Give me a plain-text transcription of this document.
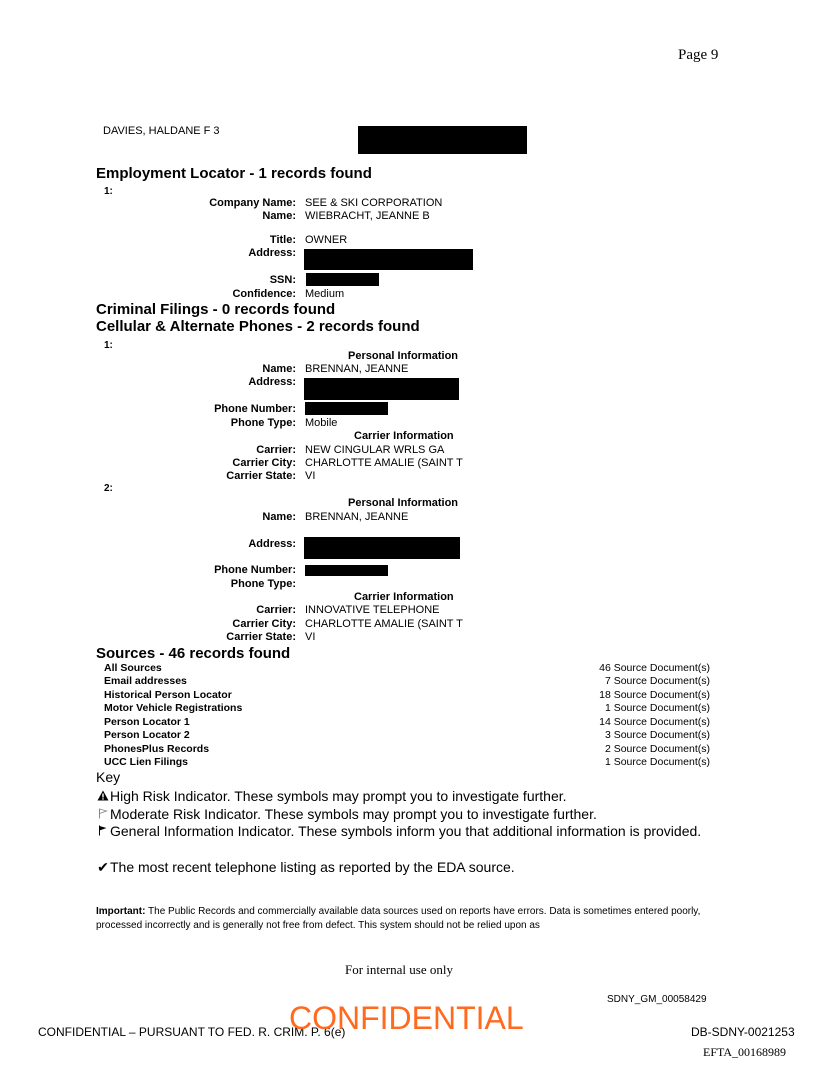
Page 9
DAVIES, HALDANE F 3
Employment Locator - 1 records found
1:
Company Name: SEE & SKI CORPORATION
Name: WIEBRACHT, JEANNE B
Title: OWNER
Address:
SSN:
Confidence: Medium
Criminal Filings - 0 records found
Cellular & Alternate Phones - 2 records found
1:
Personal Information
Name: BRENNAN, JEANNE
Address:
Phone Number:
Phone Type: Mobile
Carrier Information
Carrier: NEW CINGULAR WRLS GA
Carrier City: CHARLOTTE AMALIE (SAINT T
Carrier State: VI
2:
Personal Information
Name: BRENNAN, JEANNE
Address:
Phone Number:
Phone Type:
Carrier Information
Carrier: INNOVATIVE TELEPHONE
Carrier City: CHARLOTTE AMALIE (SAINT T
Carrier State: VI
Sources - 46 records found
All Sources	46 Source Document(s)
Email addresses	7 Source Document(s)
Historical Person Locator	18 Source Document(s)
Motor Vehicle Registrations	1 Source Document(s)
Person Locator 1	14 Source Document(s)
Person Locator 2	3 Source Document(s)
PhonesPlus Records	2 Source Document(s)
UCC Lien Filings	1 Source Document(s)
Key
High Risk Indicator. These symbols may prompt you to investigate further.
Moderate Risk Indicator. These symbols may prompt you to investigate further.
General Information Indicator. These symbols inform you that additional information is provided.
✔The most recent telephone listing as reported by the EDA source.
Important: The Public Records and commercially available data sources used on reports have errors. Data is sometimes entered poorly, processed incorrectly and is generally not free from defect. This system should not be relied upon as
For internal use only
SDNY_GM_00058429
CONFIDENTIAL – PURSUANT TO FED. R. CRIM. P. 6(e)
CONFIDENTIAL	DB-SDNY-0021253
EFTA_00168989
